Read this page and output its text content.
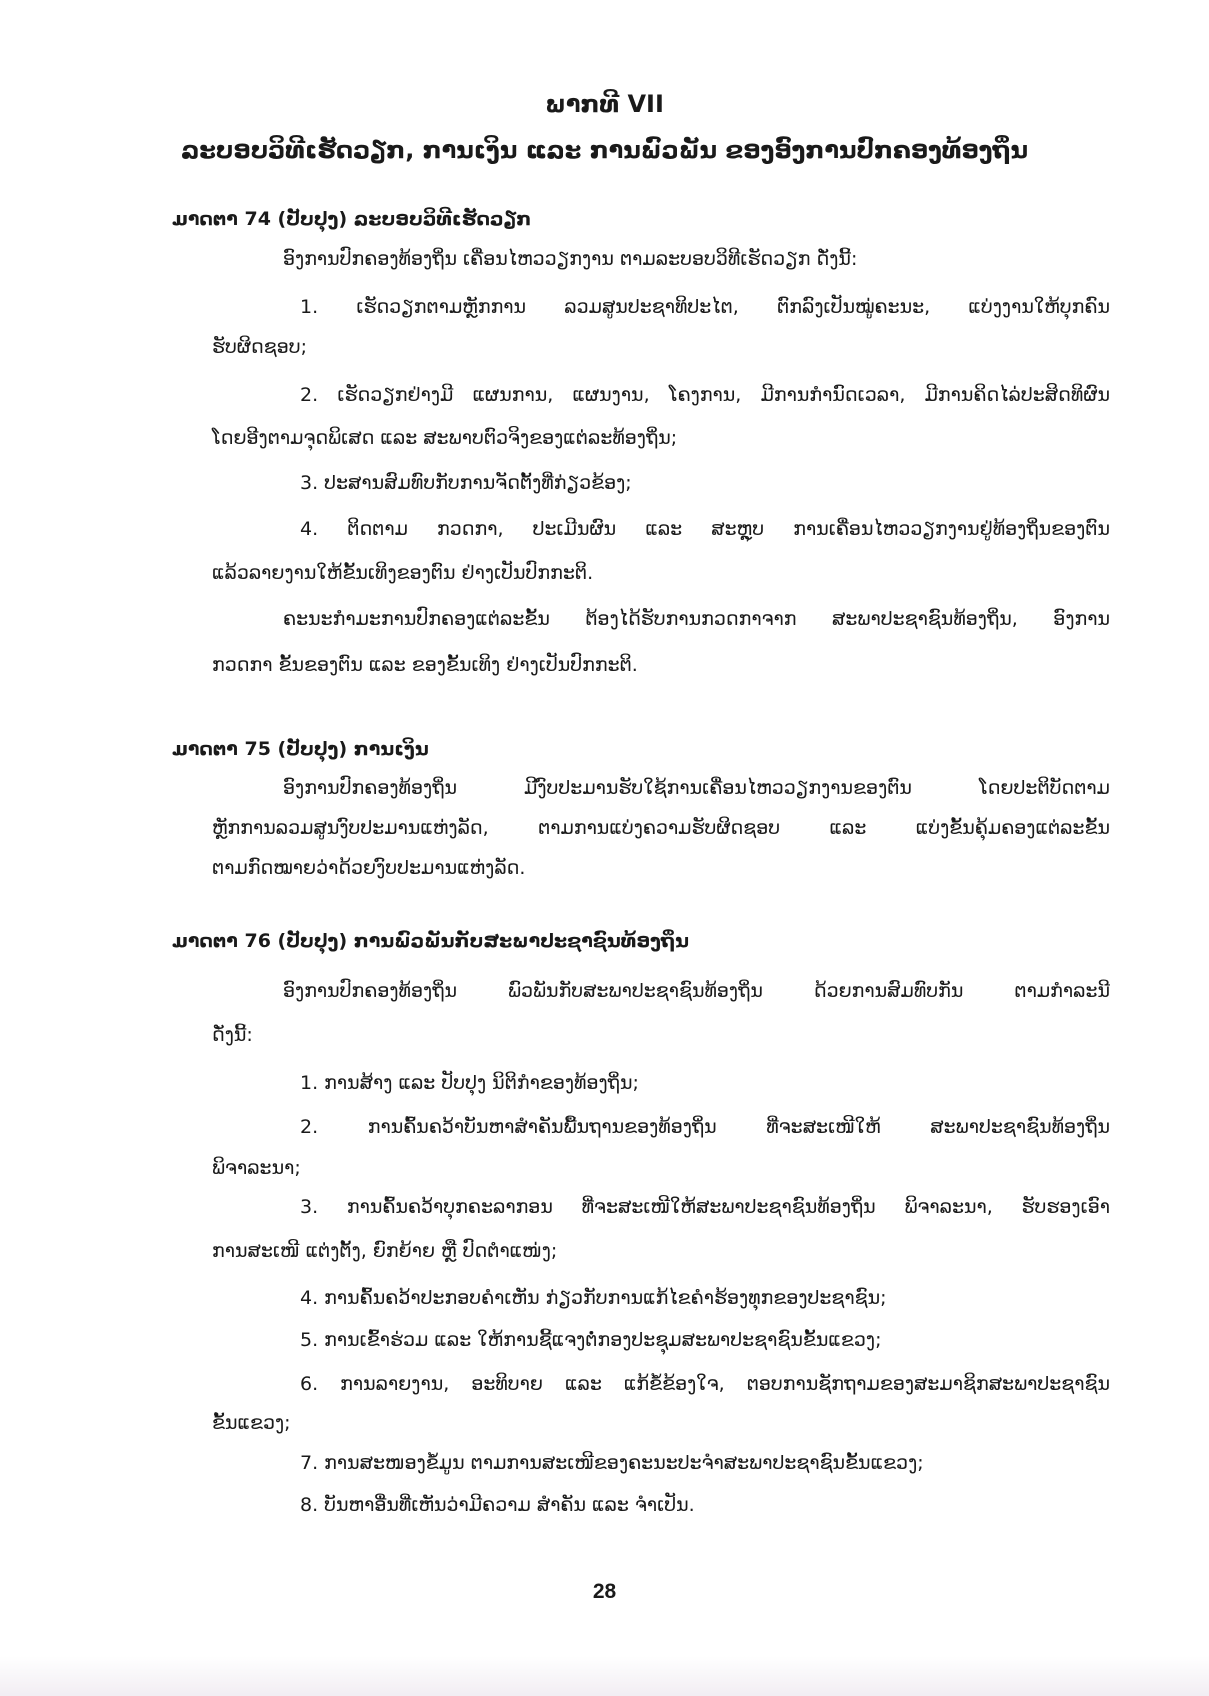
ພາກທີ VII
ລະບອບວິທີເຮັດວຽກ, ການເງິນ ແລະ ການພົວພັນ ຂອງອົງການປົກຄອງທ້ອງຖິ່ນ
ມາດຕາ 74 (ປັບປຸງ) ລະບອບວິທີເຮັດວຽກ
ອົງການປົກຄອງທ້ອງຖິ່ນ ເຄື່ອນໄຫວວຽກງານ ຕາມລະບອບວິທີເຮັດວຽກ ດັ່ງນີ້:
1. ເຮັດວຽກຕາມຫຼັກການ ລວມສູນປະຊາທິປະໄຕ, ຕົກລົງເປັນໝູ່ຄະນະ, ແບ່ງງານໃຫ້ບຸກຄົນ
ຮັບຜິດຊອບ;
2. ເຮັດວຽກຢ່າງມີ ແຜນການ, ແຜນງານ, ໂຄງການ, ມີການກຳນົດເວລາ, ມີການຄິດໄລ່ປະສິດທິຜົນ
ໂດຍອີງຕາມຈຸດພິເສດ ແລະ ສະພາບຕົວຈິງຂອງແຕ່ລະທ້ອງຖິ່ນ;
3. ປະສານສົມທົບກັບການຈັດຕັ້ງທີ່ກ່ຽວຂ້ອງ;
4. ຕິດຕາມ ກວດກາ, ປະເມີນຜົນ ແລະ ສະຫຼຸບ ການເຄື່ອນໄຫວວຽກງານຢູ່ທ້ອງຖິ່ນຂອງຕົນ
ແລ້ວລາຍງານໃຫ້ຂັ້ນເທິງຂອງຕົນ ຢ່າງເປັນປົກກະຕິ.
ຄະນະກຳມະການປົກຄອງແຕ່ລະຂັ້ນ ຕ້ອງໄດ້ຮັບການກວດກາຈາກ ສະພາປະຊາຊົນທ້ອງຖິ່ນ, ອົງການ
ກວດກາ ຂັ້ນຂອງຕົນ ແລະ ຂອງຂັ້ນເທິງ ຢ່າງເປັນປົກກະຕິ.
ມາດຕາ 75 (ປັບປຸງ) ການເງິນ
ອົງການປົກຄອງທ້ອງຖິ່ນ ມີງົບປະມານຮັບໃຊ້ການເຄື່ອນໄຫວວຽກງານຂອງຕົນ ໂດຍປະຕິບັດຕາມ
ຫຼັກການລວມສູນງົບປະມານແຫ່ງລັດ, ຕາມການແບ່ງຄວາມຮັບຜິດຊອບ ແລະ ແບ່ງຂັ້ນຄຸ້ມຄອງແຕ່ລະຂັ້ນ
ຕາມກົດໝາຍວ່າດ້ວຍງົບປະມານແຫ່ງລັດ.
ມາດຕາ 76 (ປັບປຸງ) ການພົວພັນກັບສະພາປະຊາຊົນທ້ອງຖິ່ນ
ອົງການປົກຄອງທ້ອງຖິ່ນ ພົວພັນກັບສະພາປະຊາຊົນທ້ອງຖິ່ນ ດ້ວຍການສົມທົບກັນ ຕາມກຳລະນີ
ດັ່ງນີ້:
1. ການສ້າງ ແລະ ປັບປຸງ ນິຕິກຳຂອງທ້ອງຖິ່ນ;
2. ການຄົ້ນຄວ້າບັນຫາສຳຄັນພື້ນຖານຂອງທ້ອງຖິ່ນ ທີ່ຈະສະເໜີໃຫ້ ສະພາປະຊາຊົນທ້ອງຖິ່ນ
ພິຈາລະນາ;
3. ການຄົ້ນຄວ້າບຸກຄະລາກອນ ທີ່ຈະສະເໜີໃຫ້ສະພາປະຊາຊົນທ້ອງຖິ່ນ ພິຈາລະນາ, ຮັບຮອງເອົາ
ການສະເໜີ ແຕ່ງຕັ້ງ, ຍົກຍ້າຍ ຫຼື ປົດຕຳແໜ່ງ;
4. ການຄົ້ນຄວ້າປະກອບຄຳເຫັນ ກ່ຽວກັບການແກ້ໄຂຄຳຮ້ອງທຸກຂອງປະຊາຊົນ;
5. ການເຂົ້າຮ່ວມ ແລະ ໃຫ້ການຊີ້ແຈງຕໍ່ກອງປະຊຸມສະພາປະຊາຊົນຂັ້ນແຂວງ;
6. ການລາຍງານ, ອະທິບາຍ ແລະ ແກ້ຂໍ້ຂ້ອງໃຈ, ຕອບການຊັກຖາມຂອງສະມາຊິກສະພາປະຊາຊົນ
ຂັ້ນແຂວງ;
7. ການສະໜອງຂໍ້ມູນ ຕາມການສະເໜີຂອງຄະນະປະຈຳສະພາປະຊາຊົນຂັ້ນແຂວງ;
8. ບັນຫາອື່ນທີ່ເຫັນວ່າມີຄວາມ ສຳຄັນ ແລະ ຈຳເປັນ.
28
